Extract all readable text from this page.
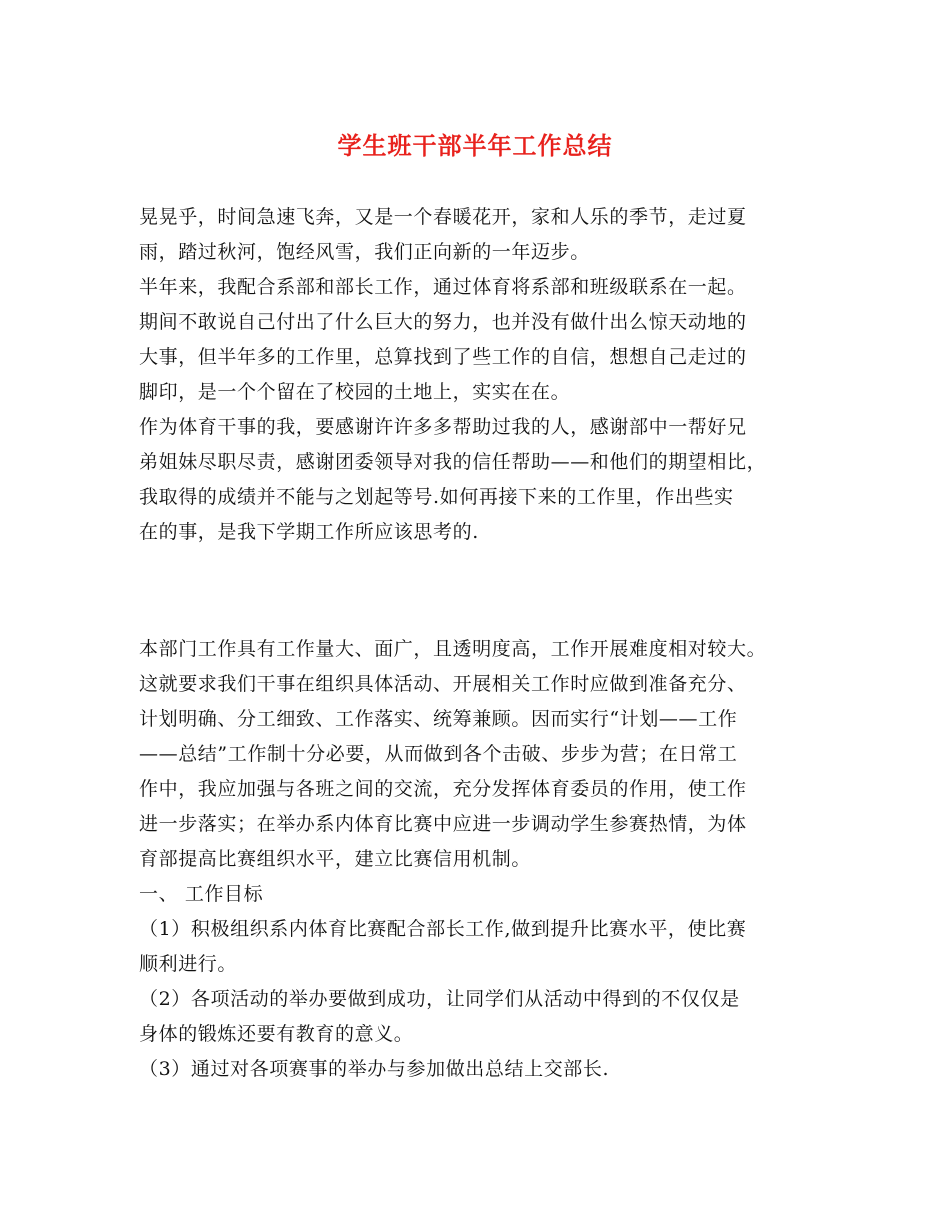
学生班干部半年工作总结
晃晃乎，时间急速飞奔，又是一个春暖花开，家和人乐的季节，走过夏
雨，踏过秋河，饱经风雪，我们正向新的一年迈步。
半年来，我配合系部和部长工作，通过体育将系部和班级联系在一起。
期间不敢说自己付出了什么巨大的努力，也并没有做什出么惊天动地的
大事，但半年多的工作里，总算找到了些工作的自信，想想自己走过的
脚印，是一个个留在了校园的土地上，实实在在。
作为体育干事的我，要感谢许许多多帮助过我的人，感谢部中一帮好兄
弟姐妹尽职尽责，感谢团委领导对我的信任帮助——和他们的期望相比，
我取得的成绩并不能与之划起等号.如何再接下来的工作里，作出些实
在的事，是我下学期工作所应该思考的.
本部门工作具有工作量大、面广，且透明度高，工作开展难度相对较大。
这就要求我们干事在组织具体活动、开展相关工作时应做到准备充分、
计划明确、分工细致、工作落实、统筹兼顾。因而实行“计划——工作
——总结”工作制十分必要，从而做到各个击破、步步为营；在日常工
作中，我应加强与各班之间的交流，充分发挥体育委员的作用，使工作
进一步落实；在举办系内体育比赛中应进一步调动学生参赛热情，为体
育部提高比赛组织水平，建立比赛信用机制。
一、 工作目标
（1）积极组织系内体育比赛配合部长工作,做到提升比赛水平，使比赛
顺利进行。
（2）各项活动的举办要做到成功，让同学们从活动中得到的不仅仅是
身体的锻炼还要有教育的意义。
（3）通过对各项赛事的举办与参加做出总结上交部长.
